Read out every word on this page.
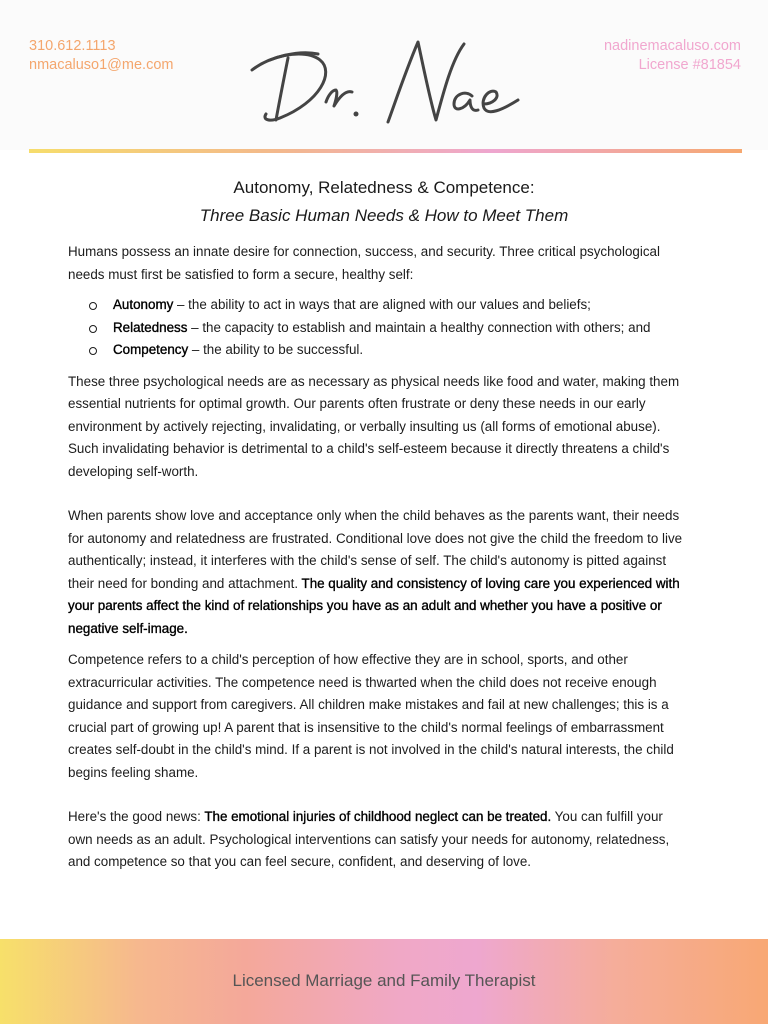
310.612.1113
nmacaluso1@me.com
nadinemacaluso.com
License #81854
Autonomy, Relatedness & Competence:
Three Basic Human Needs & How to Meet Them

Humans possess an innate desire for connection, success, and security. Three critical psychological needs must first be satisfied to form a secure, healthy self:

Autonomy – the ability to act in ways that are aligned with our values and beliefs;
Relatedness – the capacity to establish and maintain a healthy connection with others; and
Competency – the ability to be successful.

These three psychological needs are as necessary as physical needs like food and water, making them essential nutrients for optimal growth. Our parents often frustrate or deny these needs in our early environment by actively rejecting, invalidating, or verbally insulting us (all forms of emotional abuse). Such invalidating behavior is detrimental to a child's self-esteem because it directly threatens a child's developing self-worth.

When parents show love and acceptance only when the child behaves as the parents want, their needs for autonomy and relatedness are frustrated. Conditional love does not give the child the freedom to live authentically; instead, it interferes with the child's sense of self. The child's autonomy is pitted against their need for bonding and attachment. The quality and consistency of loving care you experienced with your parents affect the kind of relationships you have as an adult and whether you have a positive or negative self-image.

Competence refers to a child's perception of how effective they are in school, sports, and other extracurricular activities. The competence need is thwarted when the child does not receive enough guidance and support from caregivers. All children make mistakes and fail at new challenges; this is a crucial part of growing up! A parent that is insensitive to the child's normal feelings of embarrassment creates self-doubt in the child's mind. If a parent is not involved in the child's natural interests, the child begins feeling shame.

Here's the good news: The emotional injuries of childhood neglect can be treated. You can fulfill your own needs as an adult. Psychological interventions can satisfy your needs for autonomy, relatedness, and competence so that you can feel secure, confident, and deserving of love.

Licensed Marriage and Family Therapist
